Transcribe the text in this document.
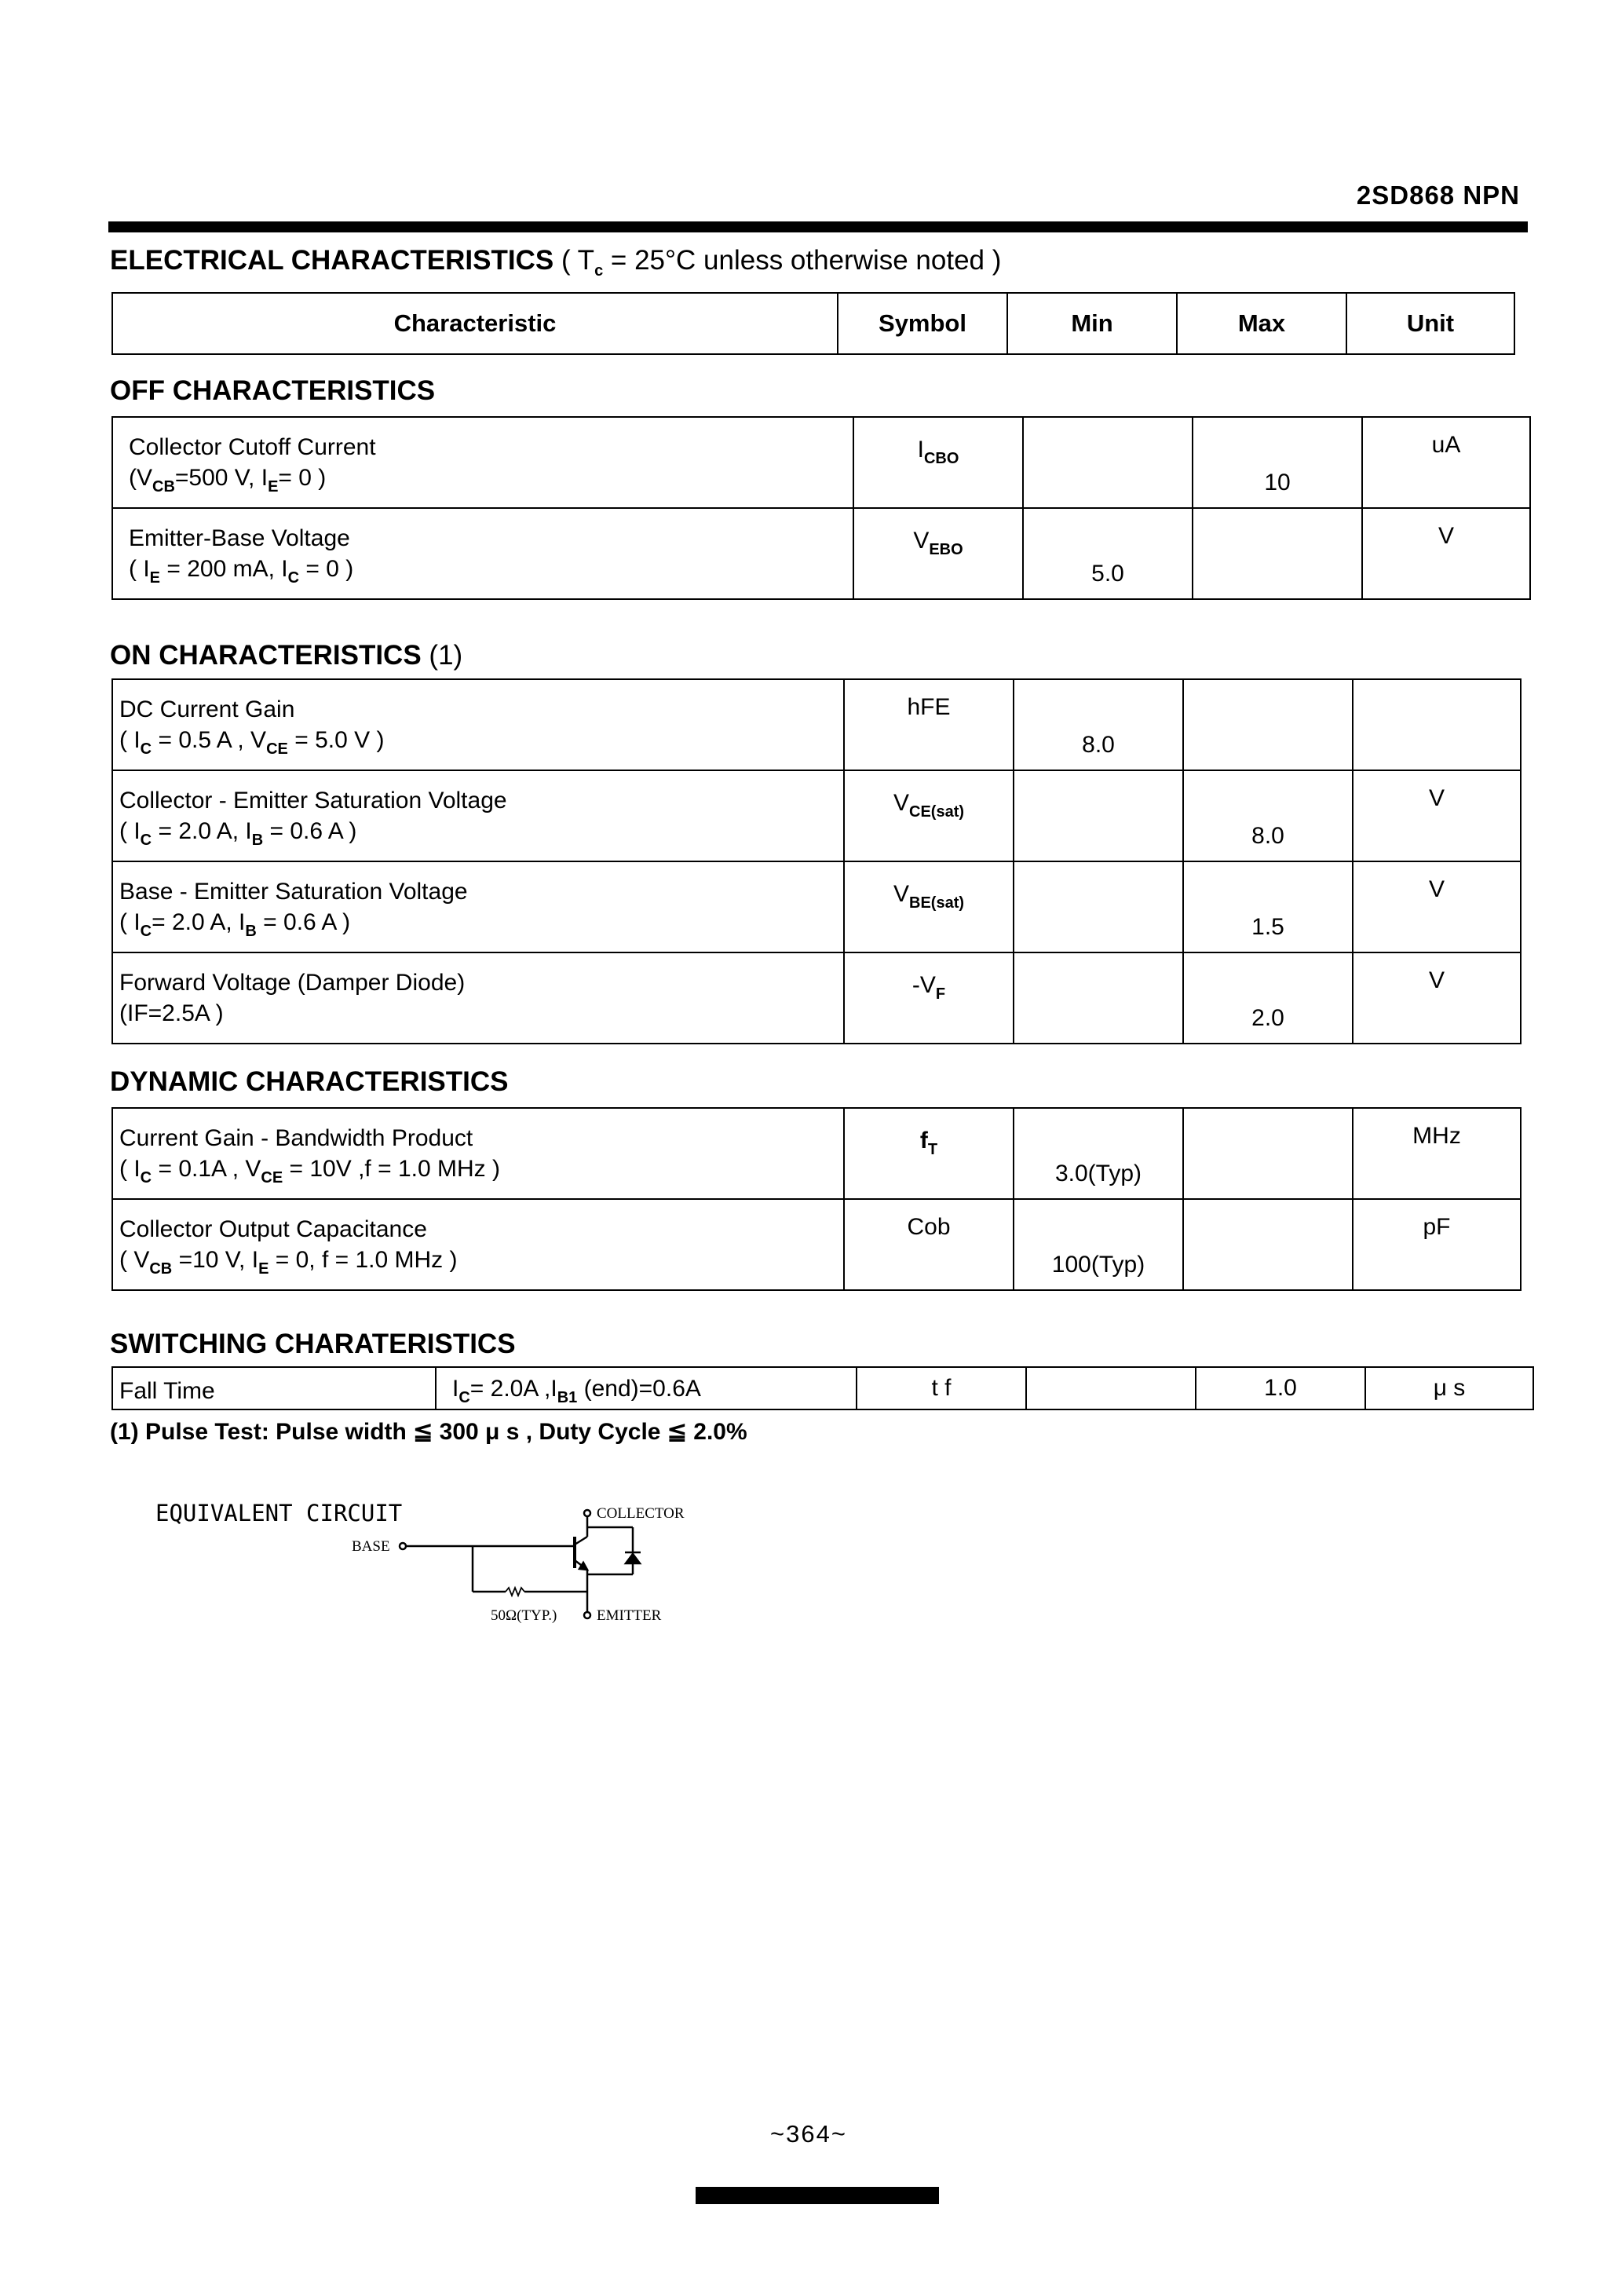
2SD868 NPN
ELECTRICAL CHARACTERISTICS ( $T_c = 25^\circ C$ unless otherwise noted )
Characteristic	Symbol	Min	Max	Unit
OFF CHARACTERISTICS
Collector Cutoff Current
($V_{CB}=500$ V, $I_E= 0$ )	$I_{CBO}$		10	uA
Emitter-Base Voltage
( $I_E = 200$ mA, $I_C = 0$ )	$V_{EBO}$	5.0		V
ON CHARACTERISTICS (1)
DC Current Gain
( $I_C = 0.5$ A , $V_{CE} = 5.0$ V )	hFE	8.0		
Collector - Emitter Saturation Voltage
( $I_C = 2.0$ A, $I_B = 0.6$ A )	$V_{CE(sat)}$		8.0	V
Base - Emitter Saturation Voltage
( $I_C= 2.0$ A, $I_B = 0.6$ A )	$V_{BE(sat)}$		1.5	V
Forward Voltage (Damper Diode)
(IF=2.5A )	$-V_F$		2.0	V
DYNAMIC CHARACTERISTICS
Current Gain - Bandwidth Product
( $I_C = 0.1A$ , $V_{CE} = 10V$ ,f = 1.0 MHz )	$f_T$	3.0(Typ)		MHz
Collector Output Capacitance
( $V_{CB} =10$ V, $I_E = 0$, f = 1.0 MHz )	Cob	100(Typ)		pF
SWITCHING CHARATERISTICS
Fall Time	$I_C= 2.0A$ $,I_{B1}$ (end)=0.6A	t f		1.0	μ s
(1) Pulse Test: Pulse width ≦ 300 μ s , Duty Cycle ≦ 2.0%
EQUIVALENT CIRCUIT	COLLECTOR
BASE
50Ω(TYP.)	EMITTER
~364~
